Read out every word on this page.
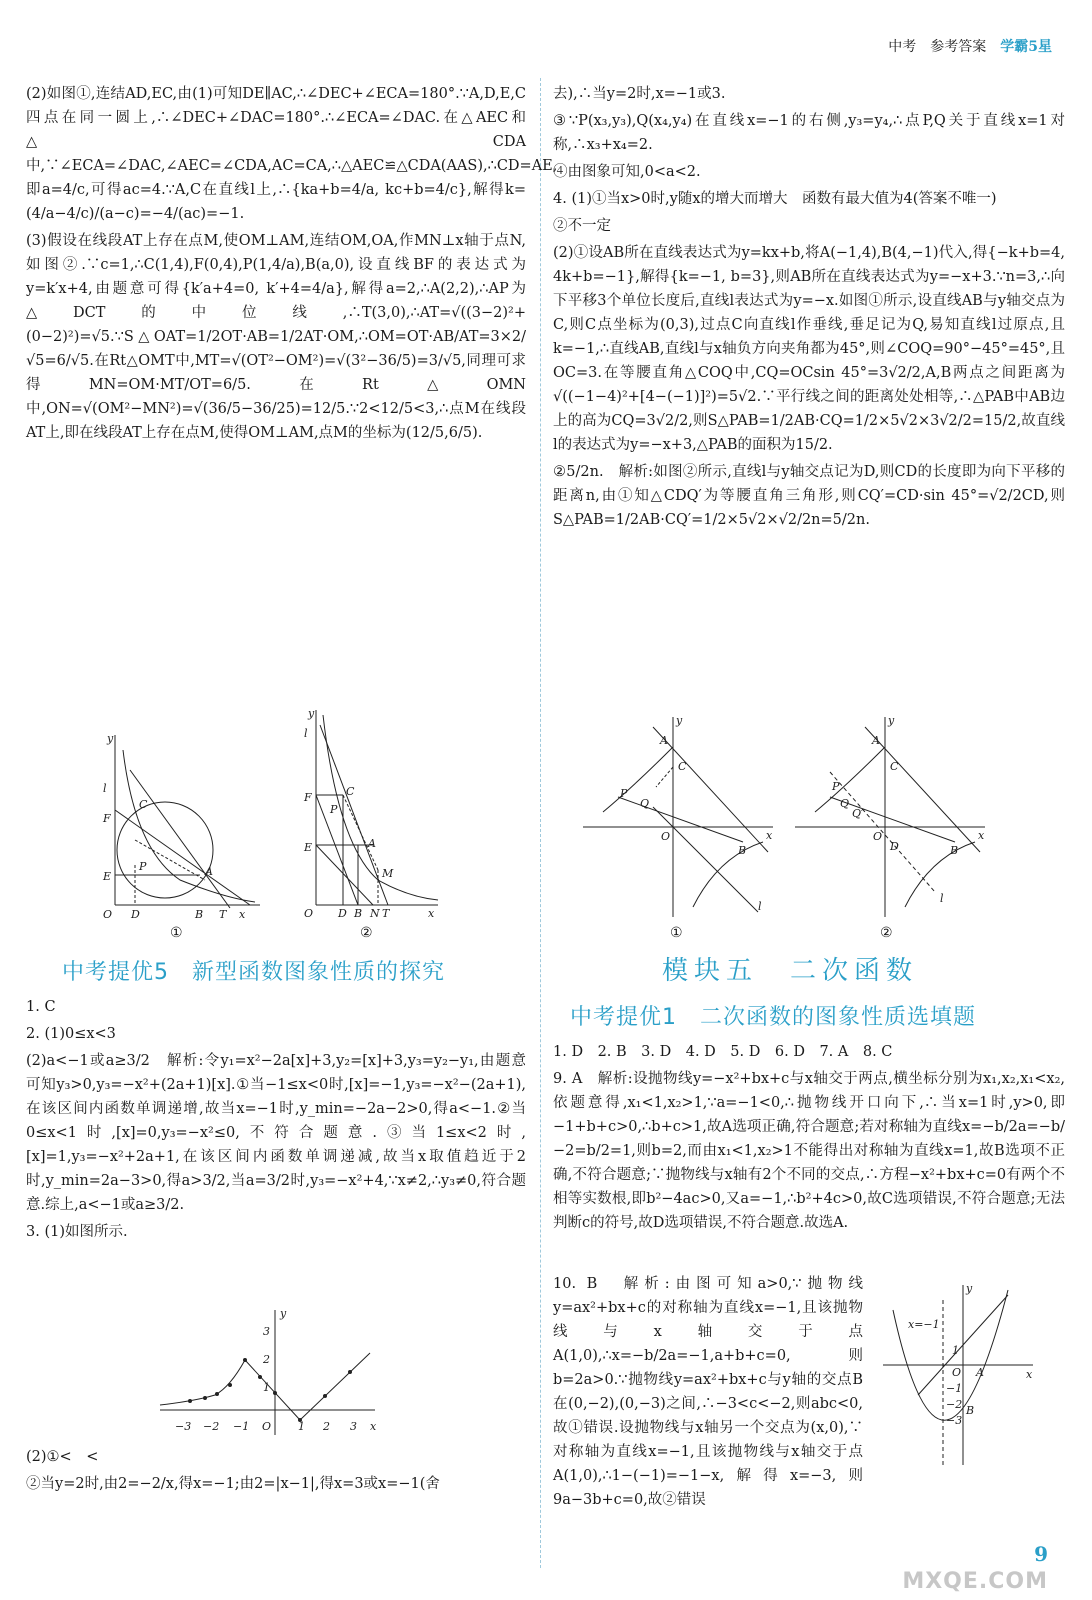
中考 参考答案 学霸5星

(2)如图①,连结AD,EC,由(1)可知DE∥AC,∴∠DEC+∠ECA=180°.∵A,D,E,C四点在同一圆上,∴∠DEC+∠DAC=180°.∴∠ECA=∠DAC.在△AEC和△CDA中,∵∠ECA=∠DAC,∠AEC=∠CDA,AC=CA,∴△AEC≌△CDA(AAS),∴CD=AE,即a=4/c,可得ac=4.∵A,C在直线l上,∴{ka+b=4/a, kc+b=4/c},解得k=(4/a−4/c)/(a−c)=−4/(ac)=−1.

(3)假设在线段AT上存在点M,使OM⊥AM,连结OM,OA,作MN⊥x轴于点N,如图②.∵c=1,∴C(1,4),F(0,4),P(1,4/a),B(a,0),设直线BF的表达式为y=k′x+4,由题意可得{k′a+4=0, k′+4=4/a},解得a=2,∴A(2,2),∴AP为△DCT的中位线,∴T(3,0),∴AT=√((3−2)²+(0−2)²)=√5.∵S△OAT=1/2OT·AB=1/2AT·OM,∴OM=OT·AB/AT=3×2/√5=6/√5.在Rt△OMT中,MT=√(OT²−OM²)=√(3²−36/5)=3/√5,同理可求得MN=OM·MT/OT=6/5.在Rt△OMN中,ON=√(OM²−MN²)=√(36/5−36/25)=12/5.∵2<12/5<3,∴点M在线段AT上,即在线段AT上存在点M,使得OM⊥AM,点M的坐标为(12/5,6/5).

y
l
C
F
P	A
E
O D	B T x
①
y
l
C
F
P
E	A
M
O D B N T	x
②
中考提优5　新型函数图象性质的探究

1. C

2. (1)0≤x<3

(2)a<−1或a≥3/2　解析:令y₁=x²−2a[x]+3,y₂=[x]+3,y₃=y₂−y₁,由题意可知y₃>0,y₃=−x²+(2a+1)[x].①当−1≤x<0时,[x]=−1,y₃=−x²−(2a+1),在该区间内函数单调递增,故当x=−1时,y_min=−2a−2>0,得a<−1.②当0≤x<1时,[x]=0,y₃=−x²≤0,不符合题意.③当1≤x<2时,[x]=1,y₃=−x²+2a+1,在该区间内函数单调递减,故当x取值趋近于2时,y_min=2a−3>0,得a>3/2,当a=3/2时,y₃=−x²+4,∵x≠2,∴y₃≠0,符合题意.综上,a<−1或a≥3/2.

3. (1)如图所示.

y
3
2
1
−3 −2 −1 O 1 2 3 x

(2)①<　<

②当y=2时,由2=−2/x,得x=−1;由2=|x−1|,得x=3或x=−1(舍

去),∴当y=2时,x=−1或3.

③∵P(x₃,y₃),Q(x₄,y₄)在直线x=−1的右侧,y₃=y₄,∴点P,Q关于直线x=1对称,∴x₃+x₄=2.

④由图象可知,0<a<2.

4. (1)①当x>0时,y随x的增大而增大　函数有最大值为4(答案不唯一)

②不一定

(2)①设AB所在直线表达式为y=kx+b,将A(−1,4),B(4,−1)代入,得{−k+b=4, 4k+b=−1},解得{k=−1, b=3},则AB所在直线表达式为y=−x+3.∵n=3,∴向下平移3个单位长度后,直线l表达式为y=−x.如图①所示,设直线AB与y轴交点为C,则C点坐标为(0,3),过点C向直线l作垂线,垂足记为Q,易知直线l过原点,且k=−1,∴直线AB,直线l与x轴负方向夹角都为45°,则∠COQ=90°−45°=45°,且OC=3.在等腰直角△COQ中,CQ=OCsin 45°=3√2/2,A,B两点之间距离为√((−1−4)²+[4−(−1)]²)=5√2.∵平行线之间的距离处处相等,∴△PAB中AB边上的高为CQ=3√2/2,则S△PAB=1/2AB·CQ=1/2×5√2×3√2/2=15/2,故直线l的表达式为y=−x+3,△PAB的面积为15/2.

②5/2n.　解析:如图②所示,直线l与y轴交点记为D,则CD的长度即为向下平移的距离n,由①知△CDQ′为等腰直角三角形,则CQ′=CD·sin 45°=√2/2CD,则S△PAB=1/2AB·CQ′=1/2×5√2×√2/2n=5/2n.

y
A
C
P
Q
O
B
l
x
①
y
A
C
P
Q
Q′
D
O
B
l
x
②
模块五　二次函数
中考提优1　二次函数的图象性质选填题

1. D　2. B　3. D　4. D　5. D　6. D　7. A　8. C

9. A　解析:设抛物线y=−x²+bx+c与x轴交于两点,横坐标分别为x₁,x₂,x₁<x₂,依题意得,x₁<1,x₂>1,∵a=−1<0,∴抛物线开口向下,∴当x=1时,y>0,即−1+b+c>0,∴b+c>1,故A选项正确,符合题意;若对称轴为直线x=−b/2a=−b/−2=b/2=1,则b=2,而由x₁<1,x₂>1不能得出对称轴为直线x=1,故B选项不正确,不符合题意;∵抛物线与x轴有2个不同的交点,∴方程−x²+bx+c=0有两个不相等实数根,即b²−4ac>0,又a=−1,∴b²+4c>0,故C选项错误,不符合题意;无法判断c的符号,故D选项错误,不符合题意.故选A.

10. B　解析:由图可知a>0,∵抛物线y=ax²+bx+c的对称轴为直线x=−1,且该抛物线与x轴交于点A(1,0),∴x=−b/2a=−1,a+b+c=0,则b=2a>0.∵抛物线y=ax²+bx+c与y轴的交点B在(0,−2),(0,−3)之间,∴−3<c<−2,则abc<0,故①错误.设抛物线与x轴另一个交点为(x,0),∵对称轴为直线x=−1,且该抛物线与x轴交于点A(1,0),∴1−(−1)=−1−x,解得x=−3,则9a−3b+c=0,故②错误

y
x=−1
1
O A
−1
−2
−3
B
x
9
MXQE.COM
